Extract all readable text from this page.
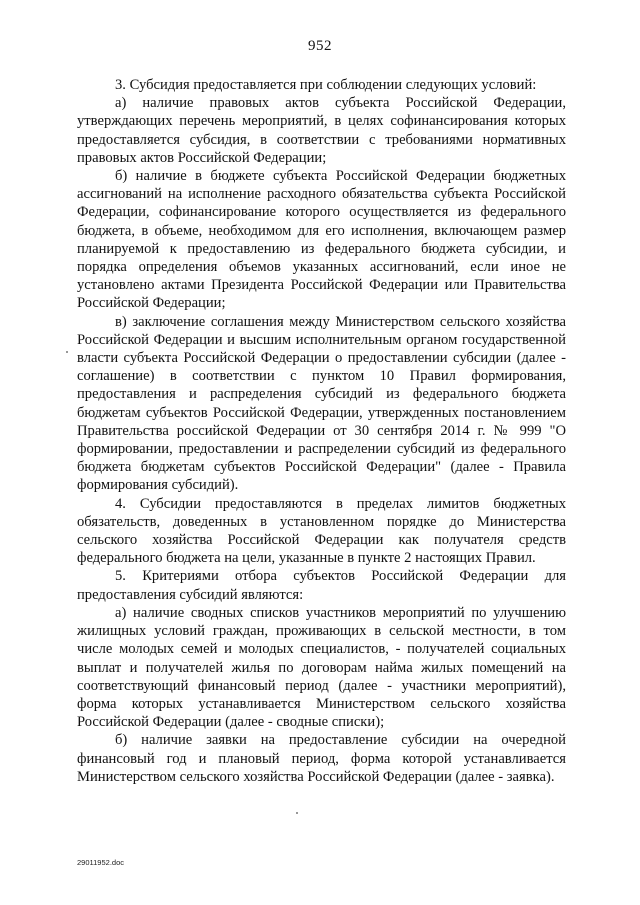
952

3. Субсидия предоставляется при соблюдении следующих условий:

а) наличие правовых актов субъекта Российской Федерации, утверждающих перечень мероприятий, в целях софинансирования которых предоставляется субсидия, в соответствии с требованиями нормативных правовых актов Российской Федерации;

б) наличие в бюджете субъекта Российской Федерации бюджетных ассигнований на исполнение расходного обязательства субъекта Российской Федерации, софинансирование которого осуществляется из федерального бюджета, в объеме, необходимом для его исполнения, включающем размер планируемой к предоставлению из федерального бюджета субсидии, и порядка определения объемов указанных ассигнований, если иное не установлено актами Президента Российской Федерации или Правительства Российской Федерации;

в) заключение соглашения между Министерством сельского хозяйства Российской Федерации и высшим исполнительным органом государственной власти субъекта Российской Федерации о предоставлении субсидии (далее - соглашение) в соответствии с пунктом 10 Правил формирования, предоставления и распределения субсидий из федерального бюджета бюджетам субъектов Российской Федерации, утвержденных постановлением Правительства российской Федерации от 30 сентября 2014 г. № 999 "О формировании, предоставлении и распределении субсидий из федерального бюджета бюджетам субъектов Российской Федерации" (далее - Правила формирования субсидий).

4. Субсидии предоставляются в пределах лимитов бюджетных обязательств, доведенных в установленном порядке до Министерства сельского хозяйства Российской Федерации как получателя средств федерального бюджета на цели, указанные в пункте 2 настоящих Правил.

5. Критериями отбора субъектов Российской Федерации для предоставления субсидий являются:

а) наличие сводных списков участников мероприятий по улучшению жилищных условий граждан, проживающих в сельской местности, в том числе молодых семей и молодых специалистов, - получателей социальных выплат и получателей жилья по договорам найма жилых помещений на соответствующий финансовый период (далее - участники мероприятий), форма которых устанавливается Министерством сельского хозяйства Российской Федерации (далее - сводные списки);

б) наличие заявки на предоставление субсидии на очередной финансовый год и плановый период, форма которой устанавливается Министерством сельского хозяйства Российской Федерации (далее - заявка).

29011952.doc
